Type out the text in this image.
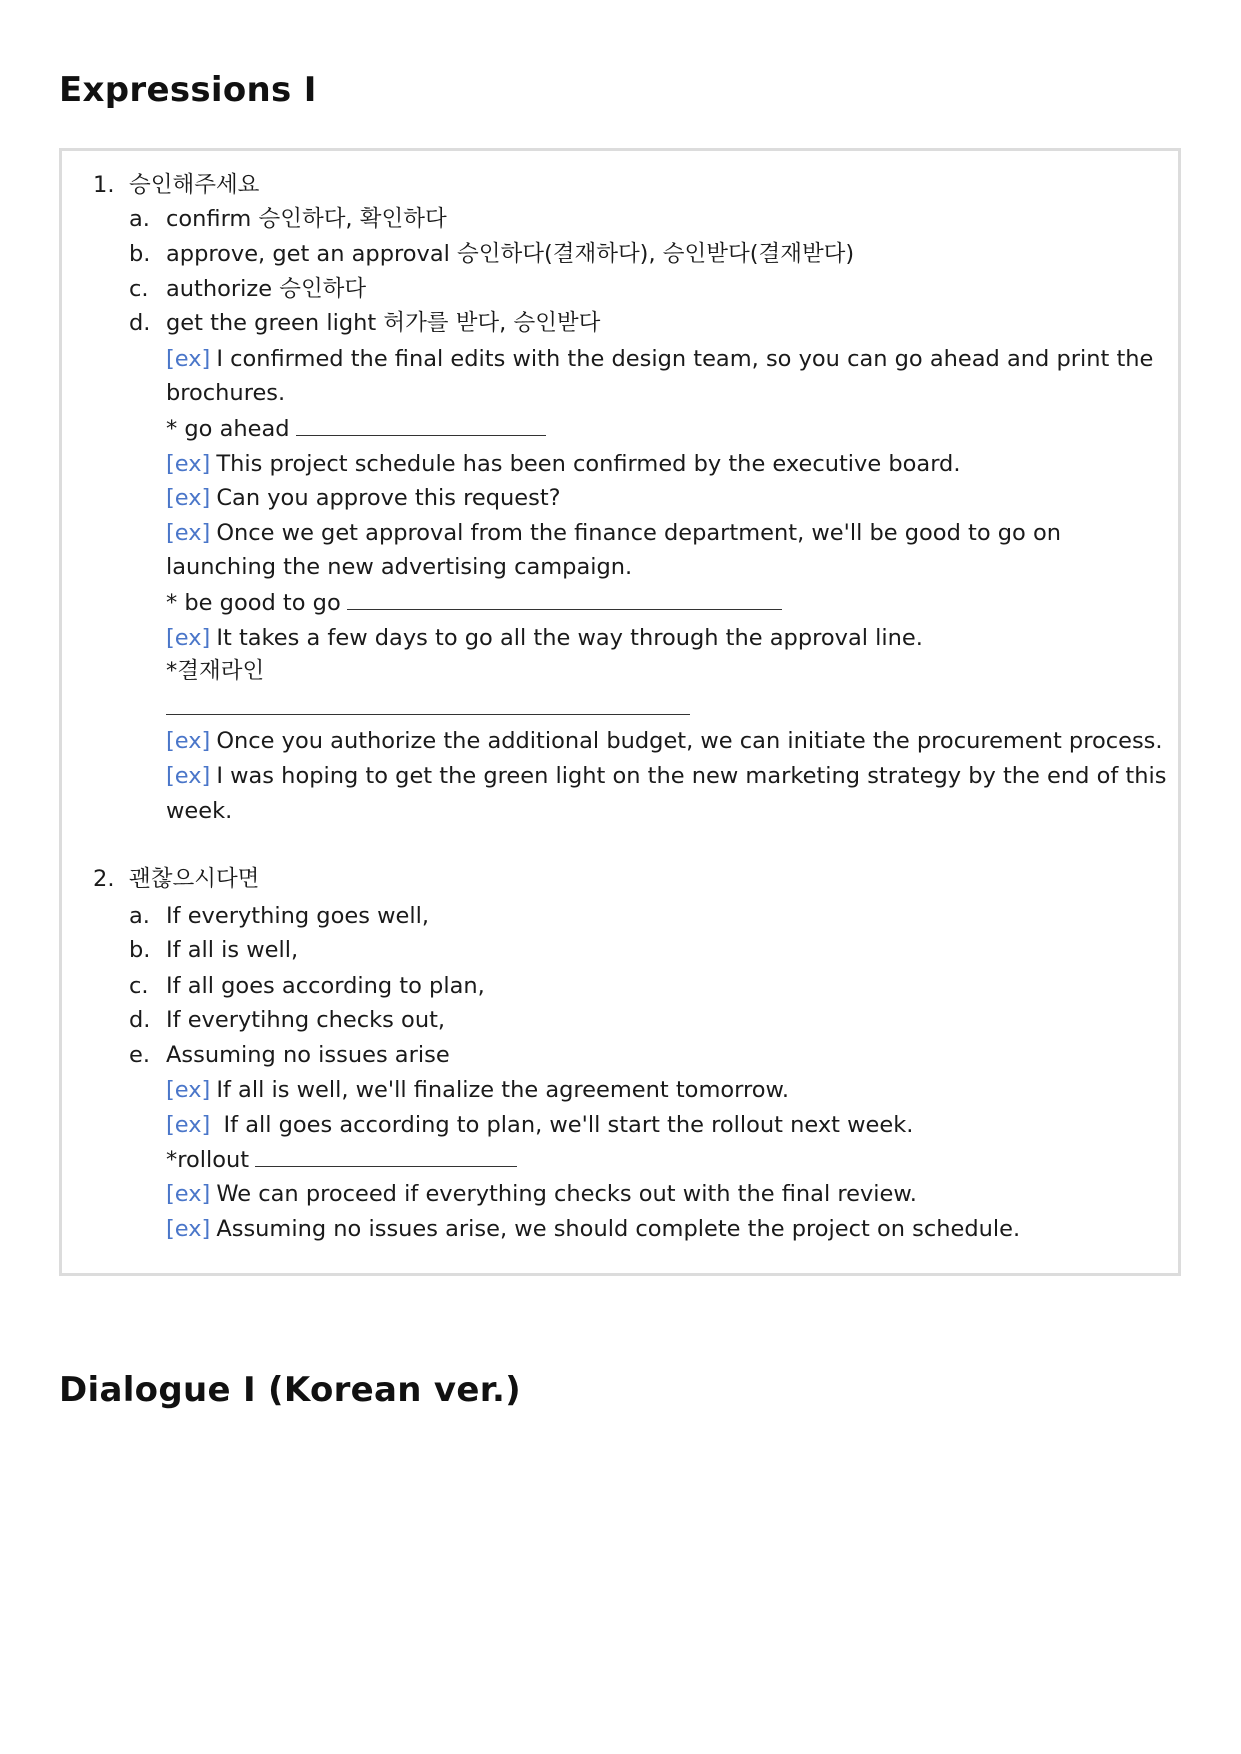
Expressions I
1. 승인해주세요
a. confirm 승인하다, 확인하다
b. approve, get an approval 승인하다(결재하다), 승인받다(결재받다)
c. authorize 승인하다
d. get the green light 허가를 받다, 승인받다
[ex] I confirmed the final edits with the design team, so you can go ahead and print the
brochures.
* go ahead
[ex] This project schedule has been confirmed by the executive board.
[ex] Can you approve this request?
[ex] Once we get approval from the finance department, we'll be good to go on
launching the new advertising campaign.
* be good to go
[ex] It takes a few days to go all the way through the approval line.
*결재라인
[ex] Once you authorize the additional budget, we can initiate the procurement process.
[ex] I was hoping to get the green light on the new marketing strategy by the end of this
week.
2. 괜찮으시다면
a. If everything goes well,
b. If all is well,
c. If all goes according to plan,
d. If everytihng checks out,
e. Assuming no issues arise
[ex] If all is well, we'll finalize the agreement tomorrow.
[ex] If all goes according to plan, we'll start the rollout next week.
*rollout
[ex] We can proceed if everything checks out with the final review.
[ex] Assuming no issues arise, we should complete the project on schedule.
Dialogue I (Korean ver.)
